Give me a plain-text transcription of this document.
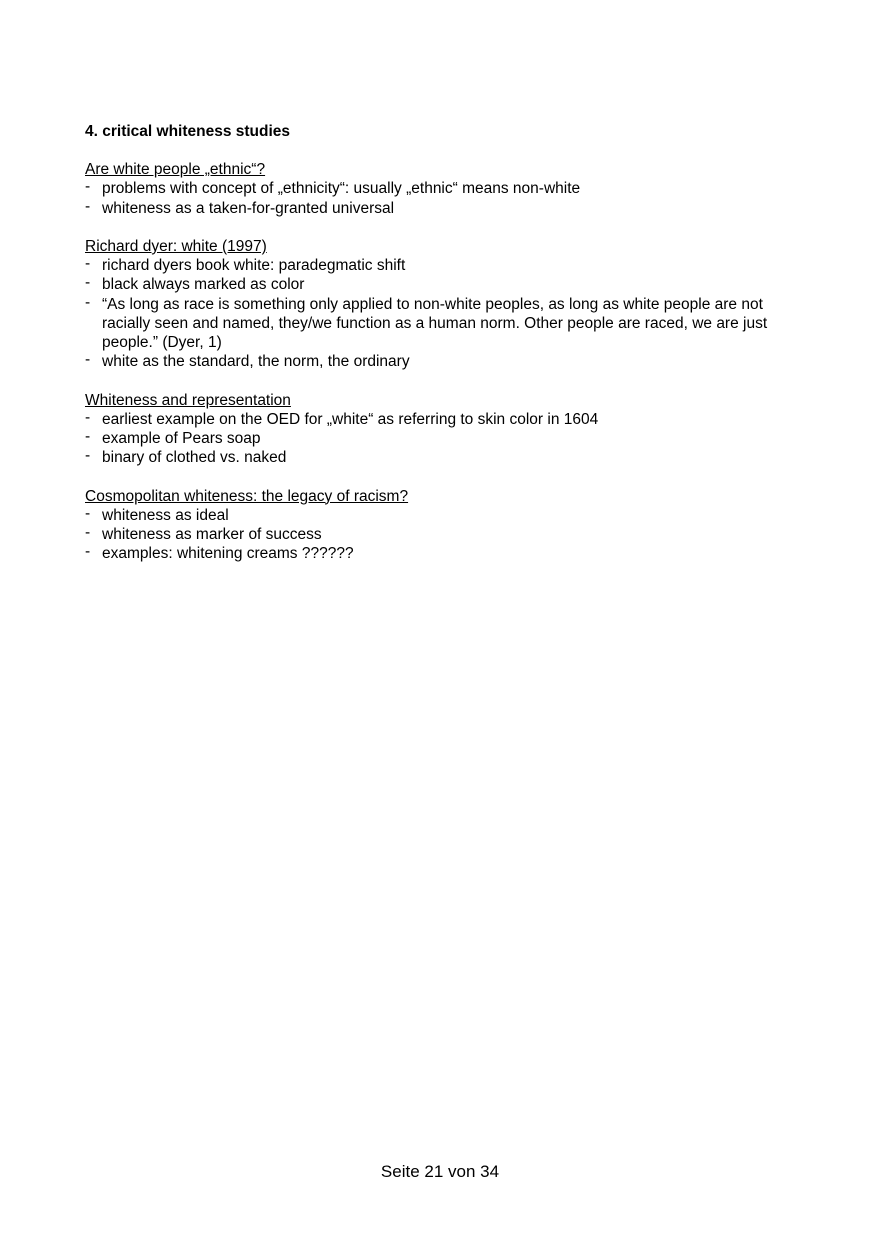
4. critical whiteness studies

Are white people „ethnic“?

- problems with concept of „ethnicity“: usually „ethnic“ means non-white
- whiteness as a taken-for-granted universal

Richard dyer: white (1997)

- richard dyers book white: paradegmatic shift
- black always marked as color
- “As long as race is something only applied to non-white peoples, as long as white people are not racially seen and named, they/we function as a human norm. Other people are raced, we are just people.” (Dyer, 1)
- white as the standard, the norm, the ordinary

Whiteness and representation

- earliest example on the OED for „white“ as referring to skin color in 1604
- example of Pears soap
- binary of clothed vs. naked

Cosmopolitan whiteness: the legacy of racism?

- whiteness as ideal
- whiteness as marker of success
- examples: whitening creams ??????
Seite 21 von 34
